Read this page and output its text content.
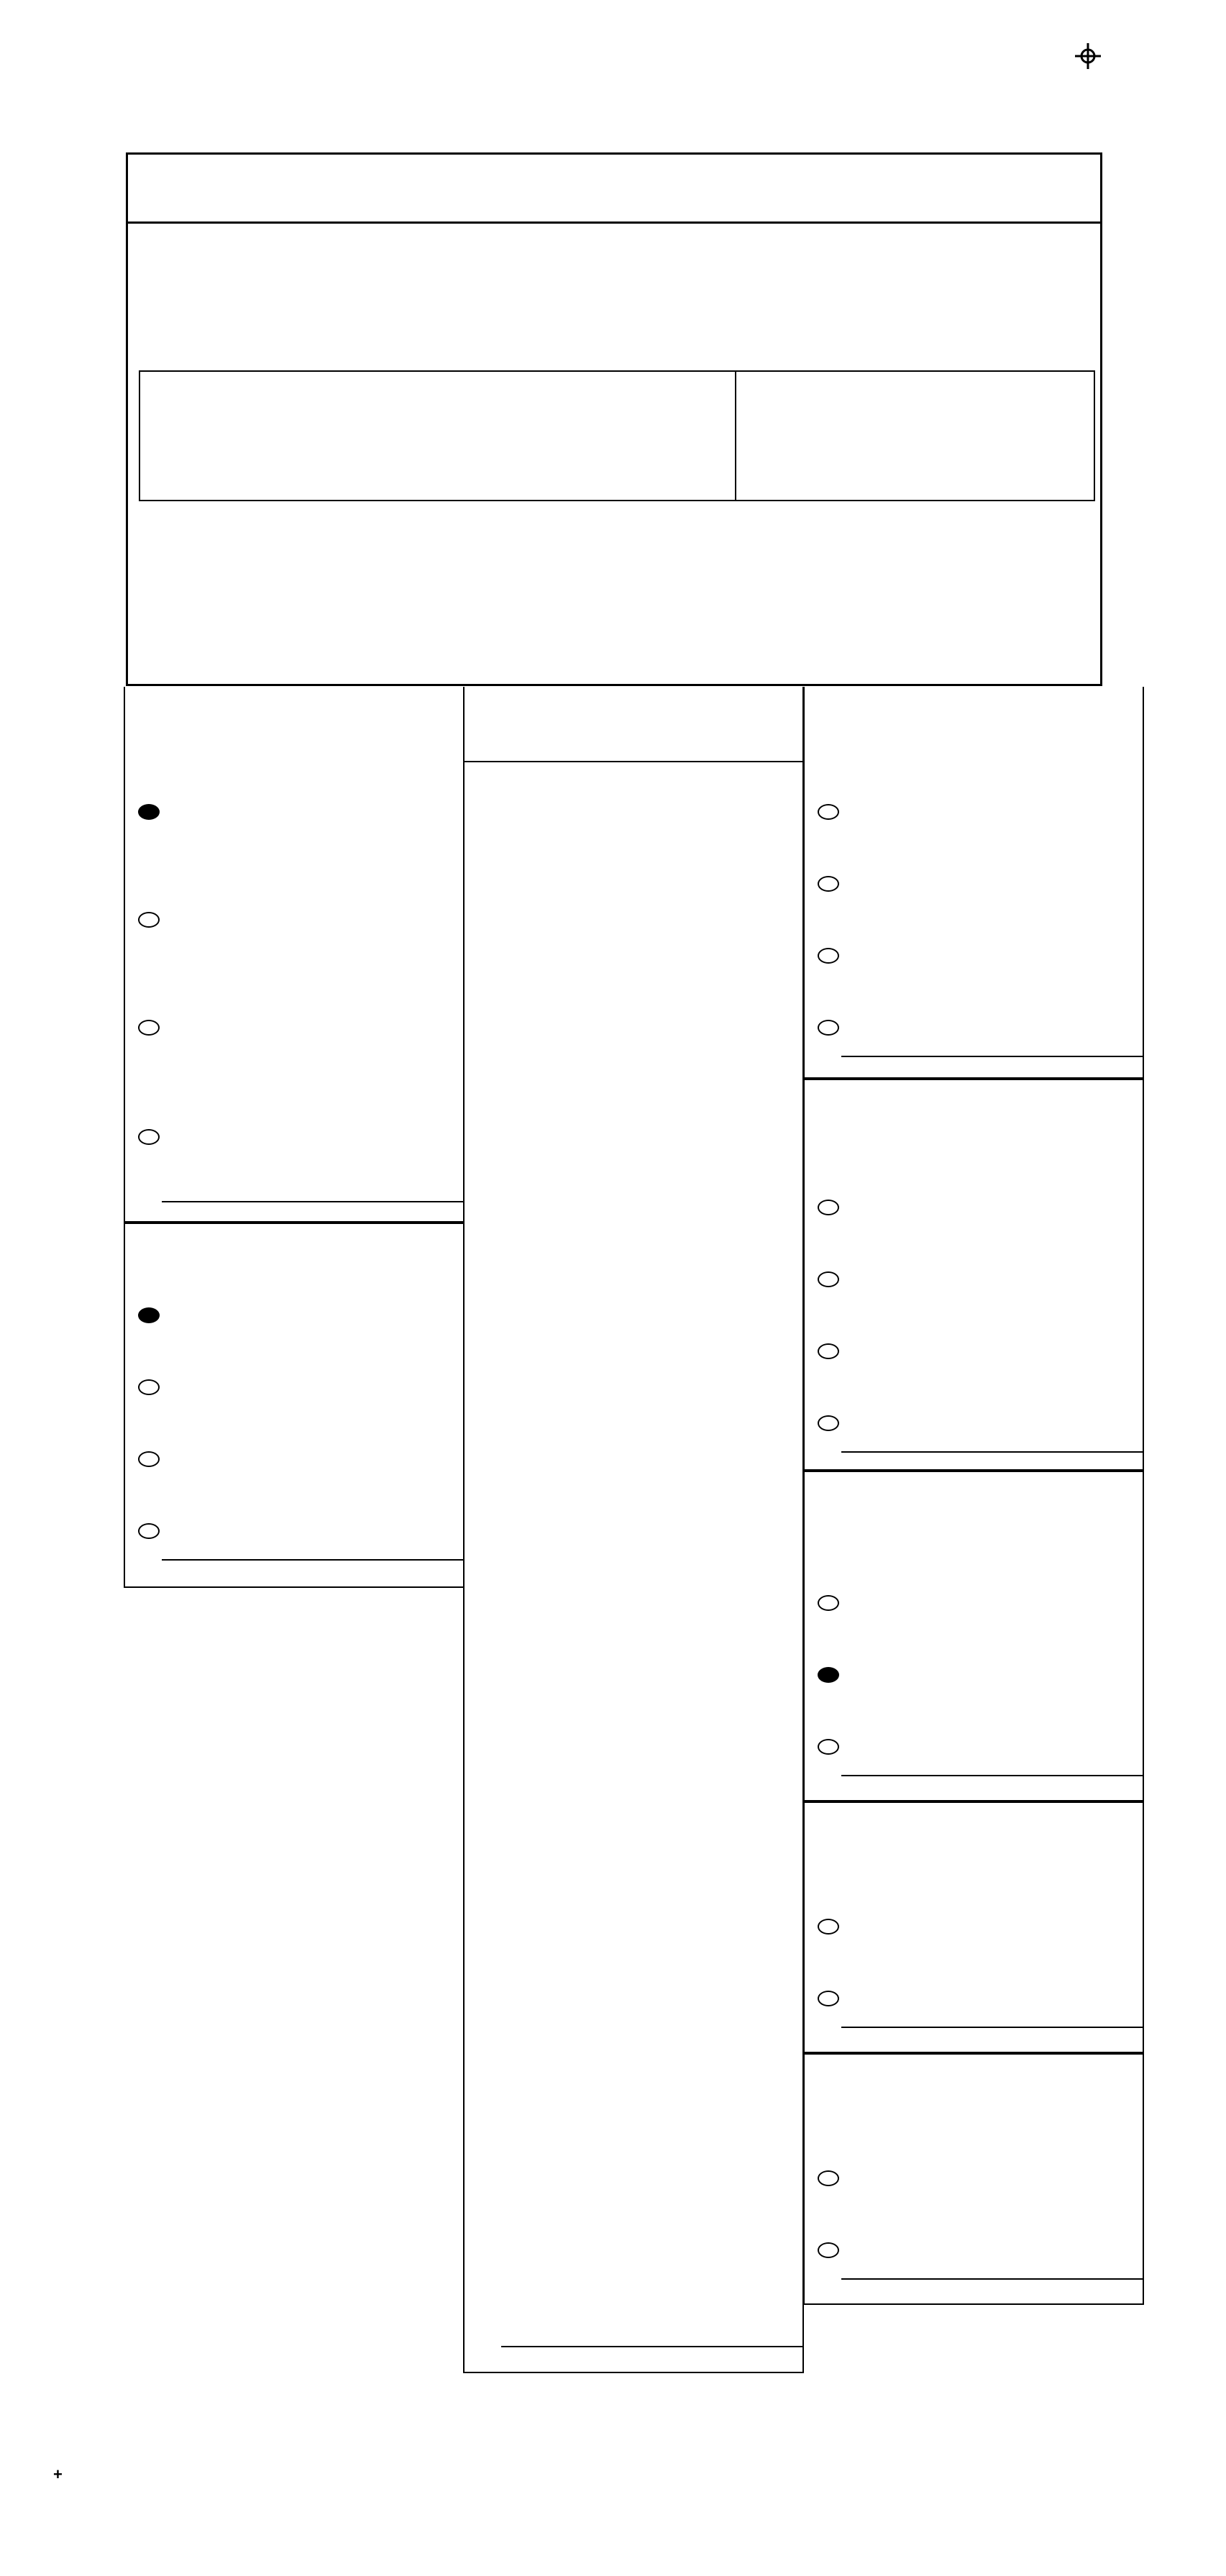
+
